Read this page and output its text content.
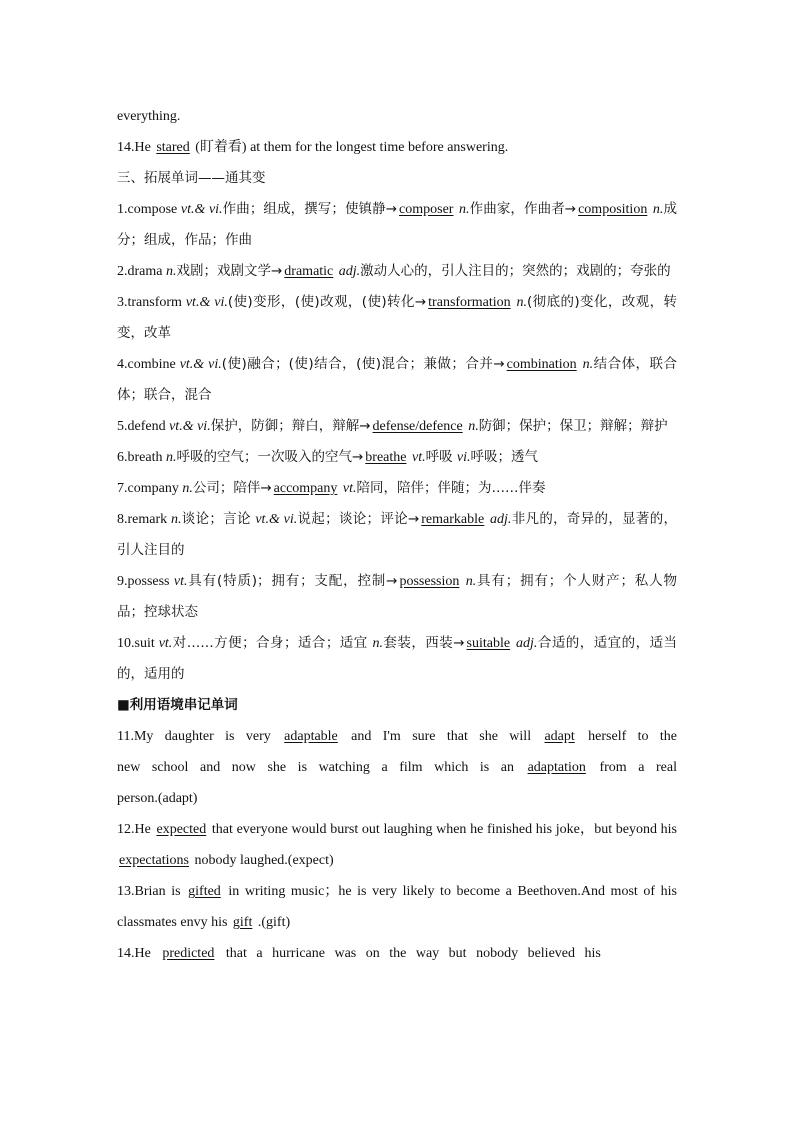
everything.

14.He stared (盯着看) at them for the longest time before answering.

三、拓展单词——通其变

1.compose vt.& vi.作曲；组成，撰写；使镇静→ composer n.作曲家，作曲者→ composition n.成分；组成，作品；作曲

2.drama n.戏剧；戏剧文学→ dramatic adj.激动人心的，引人注目的；突然的；戏剧的；夸张的

3.transform vt.& vi.(使)变形，(使)改观，(使)转化→ transformation n.(彻底的)变化，改观，转变，改革

4.combine vt.& vi.(使)融合；(使)结合，(使)混合；兼做；合并→ combination n.结合体，联合体；联合，混合

5.defend vt.& vi.保护，防御；辩白，辩解→ defense/defence n.防御；保护；保卫；辩解；辩护

6.breath n.呼吸的空气；一次吸入的空气→ breathe vt.呼吸 vi.呼吸；透气

7.company n.公司；陪伴→ accompany vt.陪同，陪伴；伴随；为……伴奏

8.remark n.谈论；言论 vt.& vi.说起；谈论；评论→ remarkable adj.非凡的，奇异的，显著的，引人注目的

9.possess vt.具有(特质)；拥有；支配，控制→ possession n.具有；拥有；个人财产；私人物品；控球状态

10.suit vt.对……方便；合身；适合；适宜 n.套装，西装→ suitable adj.合适的，适宜的，适当的，适用的

■利用语境串记单词

11.My daughter is very adaptable and I'm sure that she will adapt herself to the new school and now she is watching a film which is an adaptation from a real person.(adapt)

12.He expected that everyone would burst out laughing when he finished his joke，but beyond his expectations nobody laughed.(expect)

13.Brian is gifted in writing music；he is very likely to become a Beethoven.And most of his classmates envy his gift .(gift)

14.He predicted that a hurricane was on the way but nobody believed his
